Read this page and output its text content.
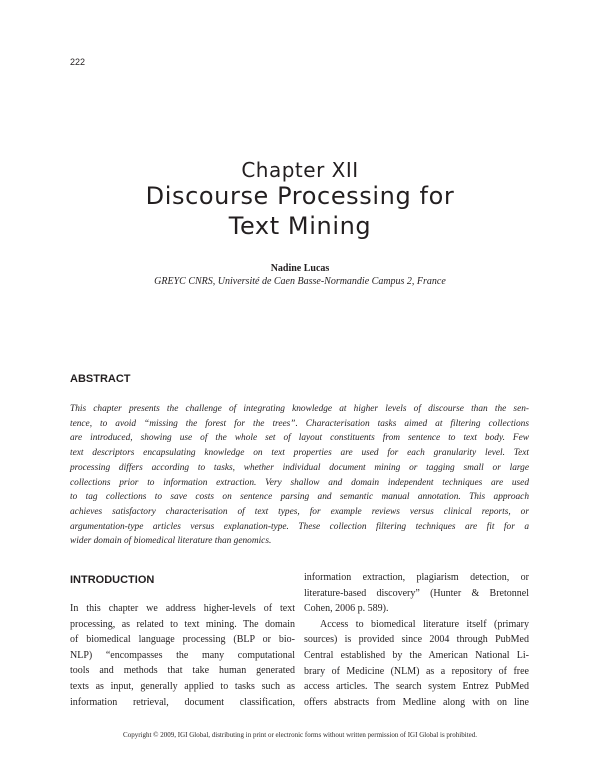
222
Chapter XII
Discourse Processing for
Text Mining
Nadine Lucas
GREYC CNRS, Université de Caen Basse-Normandie Campus 2, France
ABSTRACT
This chapter presents the challenge of integrating knowledge at higher levels of discourse than the sen-
tence, to avoid “missing the forest for the trees”. Characterisation tasks aimed at filtering collections
are introduced, showing use of the whole set of layout constituents from sentence to text body. Few
text descriptors encapsulating knowledge on text properties are used for each granularity level. Text
processing differs according to tasks, whether individual document mining or tagging small or large
collections prior to information extraction. Very shallow and domain independent techniques are used
to tag collections to save costs on sentence parsing and semantic manual annotation. This approach
achieves satisfactory characterisation of text types, for example reviews versus clinical reports, or
argumentation-type articles versus explanation-type. These collection filtering techniques are fit for a
wider domain of biomedical literature than genomics.
INTRODUCTION
In this chapter we address higher-levels of text
processing, as related to text mining. The domain
of biomedical language processing (BLP or bio-
NLP) “encompasses the many computational
tools and methods that take human generated
texts as input, generally applied to tasks such as
information retrieval, document classification,
information extraction, plagiarism detection, or
literature-based discovery” (Hunter & Bretonnel
Cohen, 2006 p. 589).
Access to biomedical literature itself (primary
sources) is provided since 2004 through PubMed
Central established by the American National Li-
brary of Medicine (NLM) as a repository of free
access articles. The search system Entrez PubMed
offers abstracts from Medline along with on line
Copyright © 2009, IGI Global, distributing in print or electronic forms without written permission of IGI Global is prohibited.
